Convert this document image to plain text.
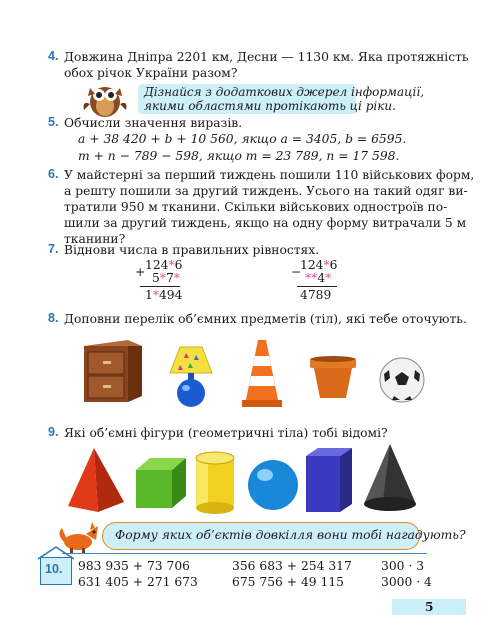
4. Довжина Дніпра 2201 км, Десни — 1130 км. Яка протяжність
обох річок України разом?
Дізнайся з додаткових джерел інформації,
якими областями протікають ці ріки.
5. Обчисли значення виразів.
a + 38 420 + b + 10 560, якщо a = 3405, b = 6595.
m + n − 789 − 598, якщо m = 23 789, n = 17 598.
6. У майстерні за перший тиждень пошили 110 військових форм,
а решту пошили за другий тиждень. Усього на такий одяг ви-
тратили 950 м тканини. Скільки військових одностроїв по-
шили за другий тиждень, якщо на одну форму витрачали 5 м
тканини?
7. Віднови числа в правильних рівностях.
+ 124*6
5*7*
1*494
−
124*6
**4*
4789
8. Доповни перелік об’ємних предметів (тіл), які тебе оточують.
9. Які об’ємні фігури (геометричні тіла) тобі відомі?
Форму яких об’єктів довкілля вони тобі нагадують?
10. 983 935 + 73 706
631 405 + 271 673
356 683 + 254 317
675 756 + 49 115
300 · 3
3000 · 4
5
